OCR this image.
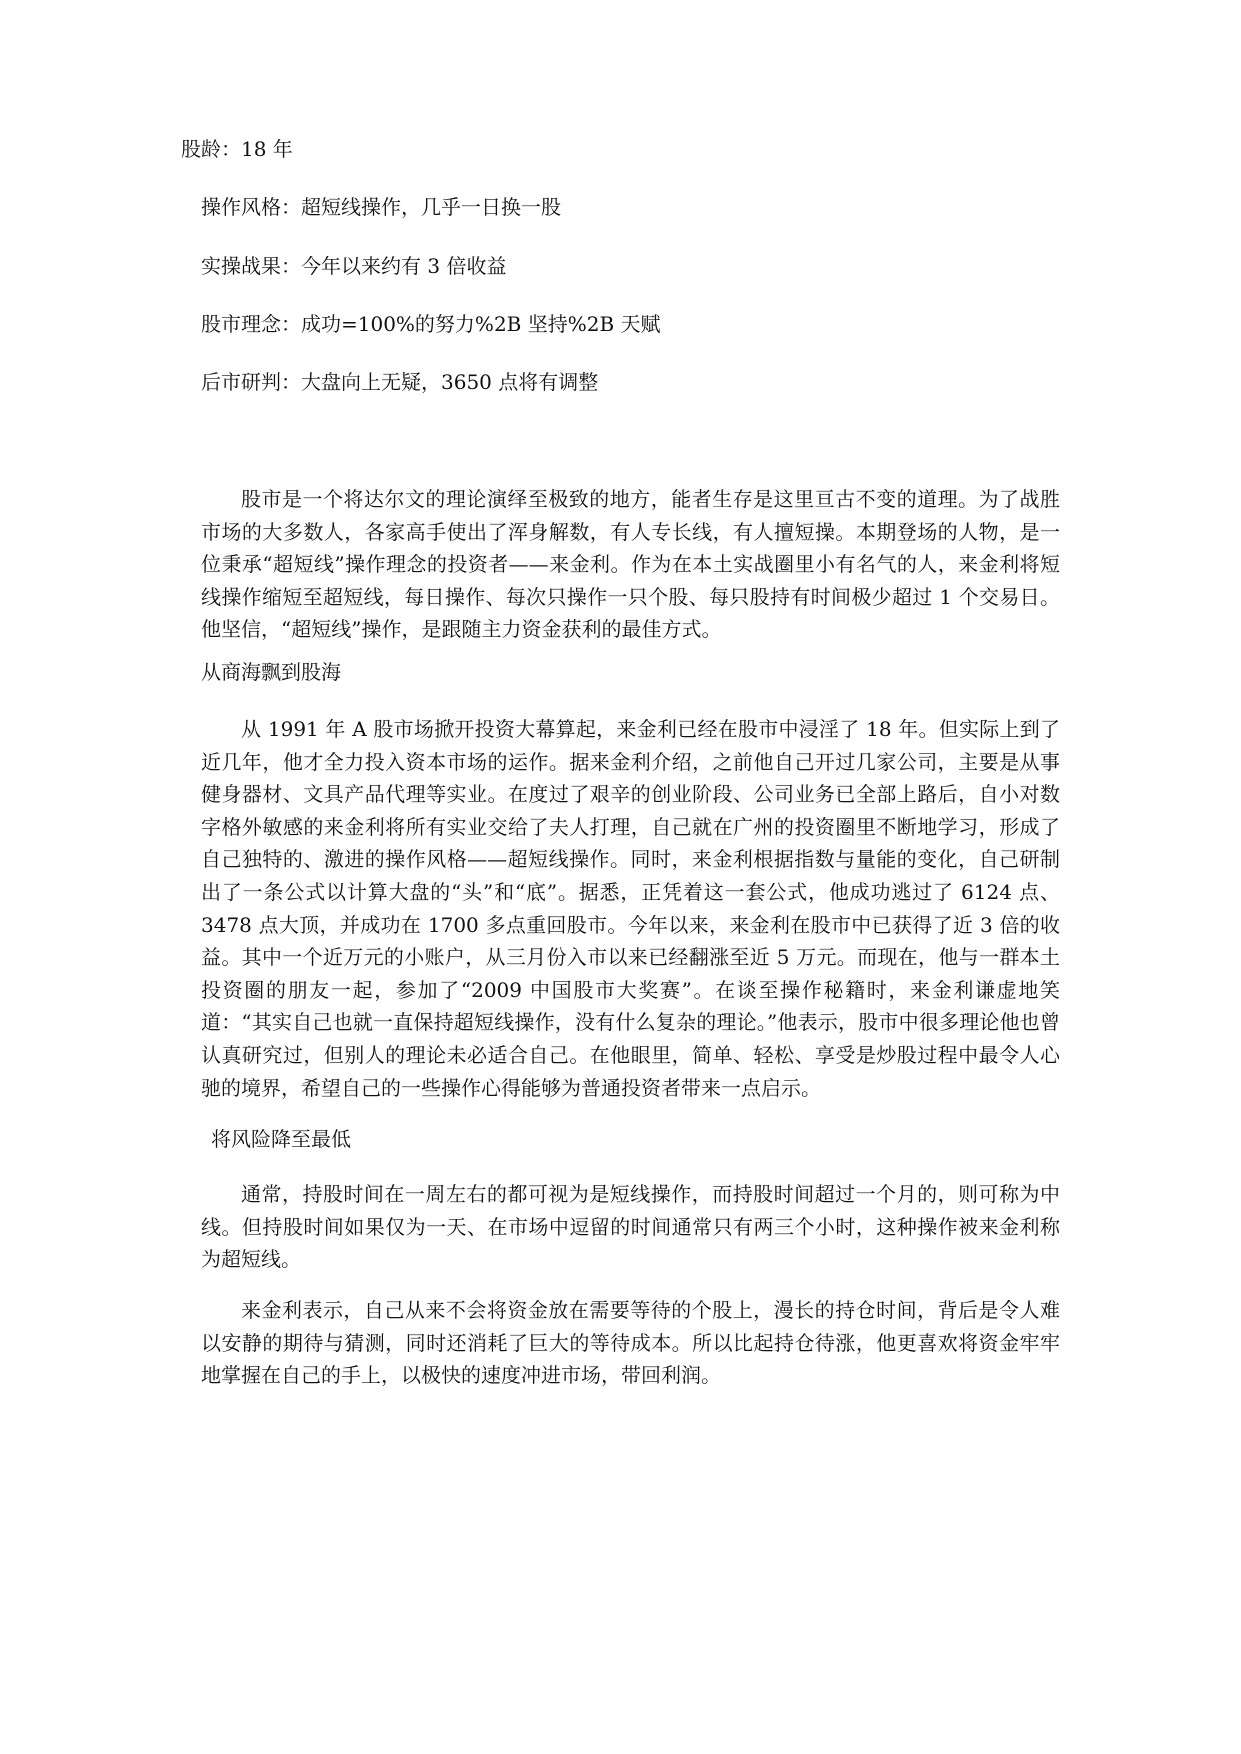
股龄：18 年

操作风格：超短线操作，几乎一日换一股

实操战果：今年以来约有 3 倍收益

股市理念：成功=100%的努力%2B 坚持%2B 天赋

后市研判：大盘向上无疑，3650 点将有调整

股市是一个将达尔文的理论演绎至极致的地方，能者生存是这里亘古不变的道理。为了战胜市场的大多数人，各家高手使出了浑身解数，有人专长线，有人擅短操。本期登场的人物，是一位秉承“超短线”操作理念的投资者——来金利。作为在本土实战圈里小有名气的人，来金利将短线操作缩短至超短线，每日操作、每次只操作一只个股、每只股持有时间极少超过 1 个交易日。他坚信，“超短线”操作，是跟随主力资金获利的最佳方式。

从商海飘到股海

从 1991 年 A 股市场掀开投资大幕算起，来金利已经在股市中浸淫了 18 年。但实际上到了近几年，他才全力投入资本市场的运作。据来金利介绍，之前他自己开过几家公司，主要是从事健身器材、文具产品代理等实业。在度过了艰辛的创业阶段、公司业务已全部上路后，自小对数字格外敏感的来金利将所有实业交给了夫人打理，自己就在广州的投资圈里不断地学习，形成了自己独特的、激进的操作风格——超短线操作。同时，来金利根据指数与量能的变化，自己研制出了一条公式以计算大盘的“头”和“底”。据悉，正凭着这一套公式，他成功逃过了 6124 点、3478 点大顶，并成功在 1700 多点重回股市。今年以来，来金利在股市中已获得了近 3 倍的收益。其中一个近万元的小账户，从三月份入市以来已经翻涨至近 5 万元。而现在，他与一群本土投资圈的朋友一起，参加了“2009 中国股市大奖赛”。在谈至操作秘籍时，来金利谦虚地笑道：“其实自己也就一直保持超短线操作，没有什么复杂的理论。”他表示，股市中很多理论他也曾认真研究过，但别人的理论未必适合自己。在他眼里，简单、轻松、享受是炒股过程中最令人心驰的境界，希望自己的一些操作心得能够为普通投资者带来一点启示。

将风险降至最低

通常，持股时间在一周左右的都可视为是短线操作，而持股时间超过一个月的，则可称为中线。但持股时间如果仅为一天、在市场中逗留的时间通常只有两三个小时，这种操作被来金利称为超短线。

来金利表示，自己从来不会将资金放在需要等待的个股上，漫长的持仓时间，背后是令人难以安静的期待与猜测，同时还消耗了巨大的等待成本。所以比起持仓待涨，他更喜欢将资金牢牢地掌握在自己的手上，以极快的速度冲进市场，带回利润。
